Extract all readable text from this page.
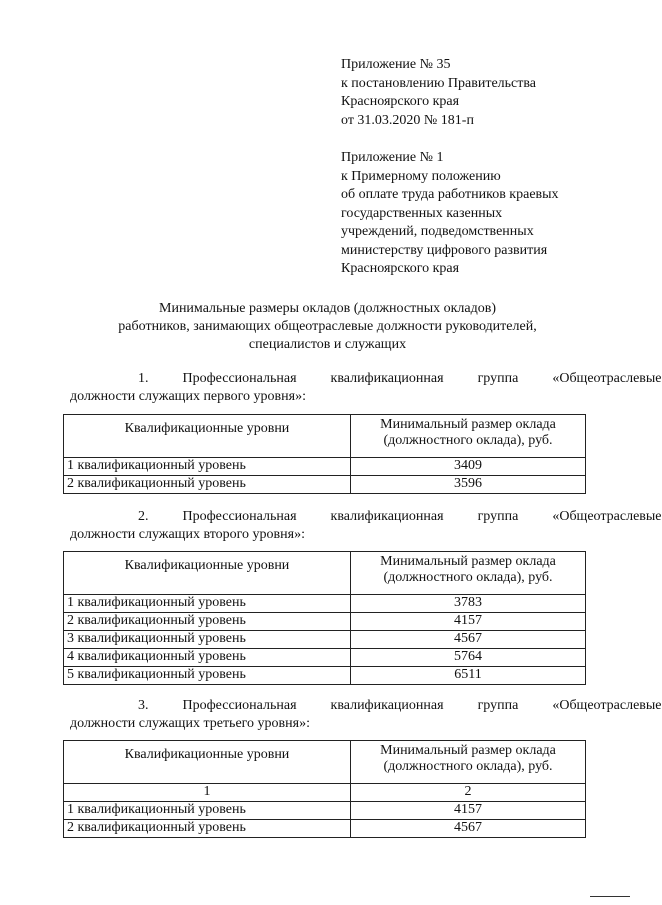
Приложение № 35
к постановлению Правительства
Красноярского края
от 31.03.2020 № 181-п
Приложение № 1
к Примерному положению
об оплате труда работников краевых
государственных казенных
учреждений, подведомственных
министерству цифрового развития
Красноярского края
Минимальные размеры окладов (должностных окладов)
работников, занимающих общеотраслевые должности руководителей,
специалистов и служащих
1.	Профессиональная	квалификационная	группа	«Общеотраслевые
должности служащих первого уровня»:
Квалификационные уровни	Минимальный размер оклада
(должностного оклада), руб.

1 квалификационный уровень	3409
2 квалификационный уровень	3596
2.	Профессиональная	квалификационная	группа	«Общеотраслевые
должности служащих второго уровня»:
Квалификационные уровни	Минимальный размер оклада
(должностного оклада), руб.

1 квалификационный уровень	3783
2 квалификационный уровень	4157
3 квалификационный уровень	4567
4 квалификационный уровень	5764
5 квалификационный уровень	6511
3.	Профессиональная	квалификационная	группа	«Общеотраслевые
должности служащих третьего уровня»:
Квалификационные уровни	Минимальный размер оклада
(должностного оклада), руб.

1	2
1 квалификационный уровень	4157
2 квалификационный уровень	4567
